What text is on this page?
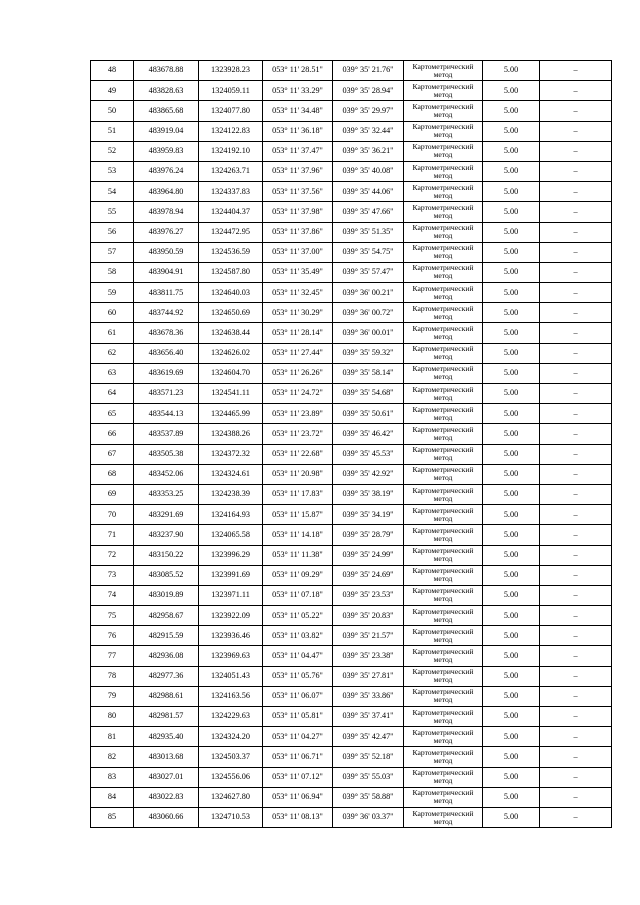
48	483678.88	1323928.23	053° 11' 28.51"	039° 35' 21.76"	Картометрический метод	5.00	–
49	483828.63	1324059.11	053° 11' 33.29"	039° 35' 28.94"	Картометрический метод	5.00	–
50	483865.68	1324077.80	053° 11' 34.48"	039° 35' 29.97"	Картометрический метод	5.00	–
51	483919.04	1324122.83	053° 11' 36.18"	039° 35' 32.44"	Картометрический метод	5.00	–
52	483959.83	1324192.10	053° 11' 37.47"	039° 35' 36.21"	Картометрический метод	5.00	–
53	483976.24	1324263.71	053° 11' 37.96"	039° 35' 40.08"	Картометрический метод	5.00	–
54	483964.80	1324337.83	053° 11' 37.56"	039° 35' 44.06"	Картометрический метод	5.00	–
55	483978.94	1324404.37	053° 11' 37.98"	039° 35' 47.66"	Картометрический метод	5.00	–
56	483976.27	1324472.95	053° 11' 37.86"	039° 35' 51.35"	Картометрический метод	5.00	–
57	483950.59	1324536.59	053° 11' 37.00"	039° 35' 54.75"	Картометрический метод	5.00	–
58	483904.91	1324587.80	053° 11' 35.49"	039° 35' 57.47"	Картометрический метод	5.00	–
59	483811.75	1324640.03	053° 11' 32.45"	039° 36' 00.21"	Картометрический метод	5.00	–
60	483744.92	1324650.69	053° 11' 30.29"	039° 36' 00.72"	Картометрический метод	5.00	–
61	483678.36	1324638.44	053° 11' 28.14"	039° 36' 00.01"	Картометрический метод	5.00	–
62	483656.40	1324626.02	053° 11' 27.44"	039° 35' 59.32"	Картометрический метод	5.00	–
63	483619.69	1324604.70	053° 11' 26.26"	039° 35' 58.14"	Картометрический метод	5.00	–
64	483571.23	1324541.11	053° 11' 24.72"	039° 35' 54.68"	Картометрический метод	5.00	–
65	483544.13	1324465.99	053° 11' 23.89"	039° 35' 50.61"	Картометрический метод	5.00	–
66	483537.89	1324388.26	053° 11' 23.72"	039° 35' 46.42"	Картометрический метод	5.00	–
67	483505.38	1324372.32	053° 11' 22.68"	039° 35' 45.53"	Картометрический метод	5.00	–
68	483452.06	1324324.61	053° 11' 20.98"	039° 35' 42.92"	Картометрический метод	5.00	–
69	483353.25	1324238.39	053° 11' 17.83"	039° 35' 38.19"	Картометрический метод	5.00	–
70	483291.69	1324164.93	053° 11' 15.87"	039° 35' 34.19"	Картометрический метод	5.00	–
71	483237.90	1324065.58	053° 11' 14.18"	039° 35' 28.79"	Картометрический метод	5.00	–
72	483150.22	1323996.29	053° 11' 11.38"	039° 35' 24.99"	Картометрический метод	5.00	–
73	483085.52	1323991.69	053° 11' 09.29"	039° 35' 24.69"	Картометрический метод	5.00	–
74	483019.89	1323971.11	053° 11' 07.18"	039° 35' 23.53"	Картометрический метод	5.00	–
75	482958.67	1323922.09	053° 11' 05.22"	039° 35' 20.83"	Картометрический метод	5.00	–
76	482915.59	1323936.46	053° 11' 03.82"	039° 35' 21.57"	Картометрический метод	5.00	–
77	482936.08	1323969.63	053° 11' 04.47"	039° 35' 23.38"	Картометрический метод	5.00	–
78	482977.36	1324051.43	053° 11' 05.76"	039° 35' 27.81"	Картометрический метод	5.00	–
79	482988.61	1324163.56	053° 11' 06.07"	039° 35' 33.86"	Картометрический метод	5.00	–
80	482981.57	1324229.63	053° 11' 05.81"	039° 35' 37.41"	Картометрический метод	5.00	–
81	482935.40	1324324.20	053° 11' 04.27"	039° 35' 42.47"	Картометрический метод	5.00	–
82	483013.68	1324503.37	053° 11' 06.71"	039° 35' 52.18"	Картометрический метод	5.00	–
83	483027.01	1324556.06	053° 11' 07.12"	039° 35' 55.03"	Картометрический метод	5.00	–
84	483022.83	1324627.80	053° 11' 06.94"	039° 35' 58.88"	Картометрический метод	5.00	–
85	483060.66	1324710.53	053° 11' 08.13"	039° 36' 03.37"	Картометрический метод	5.00	–
